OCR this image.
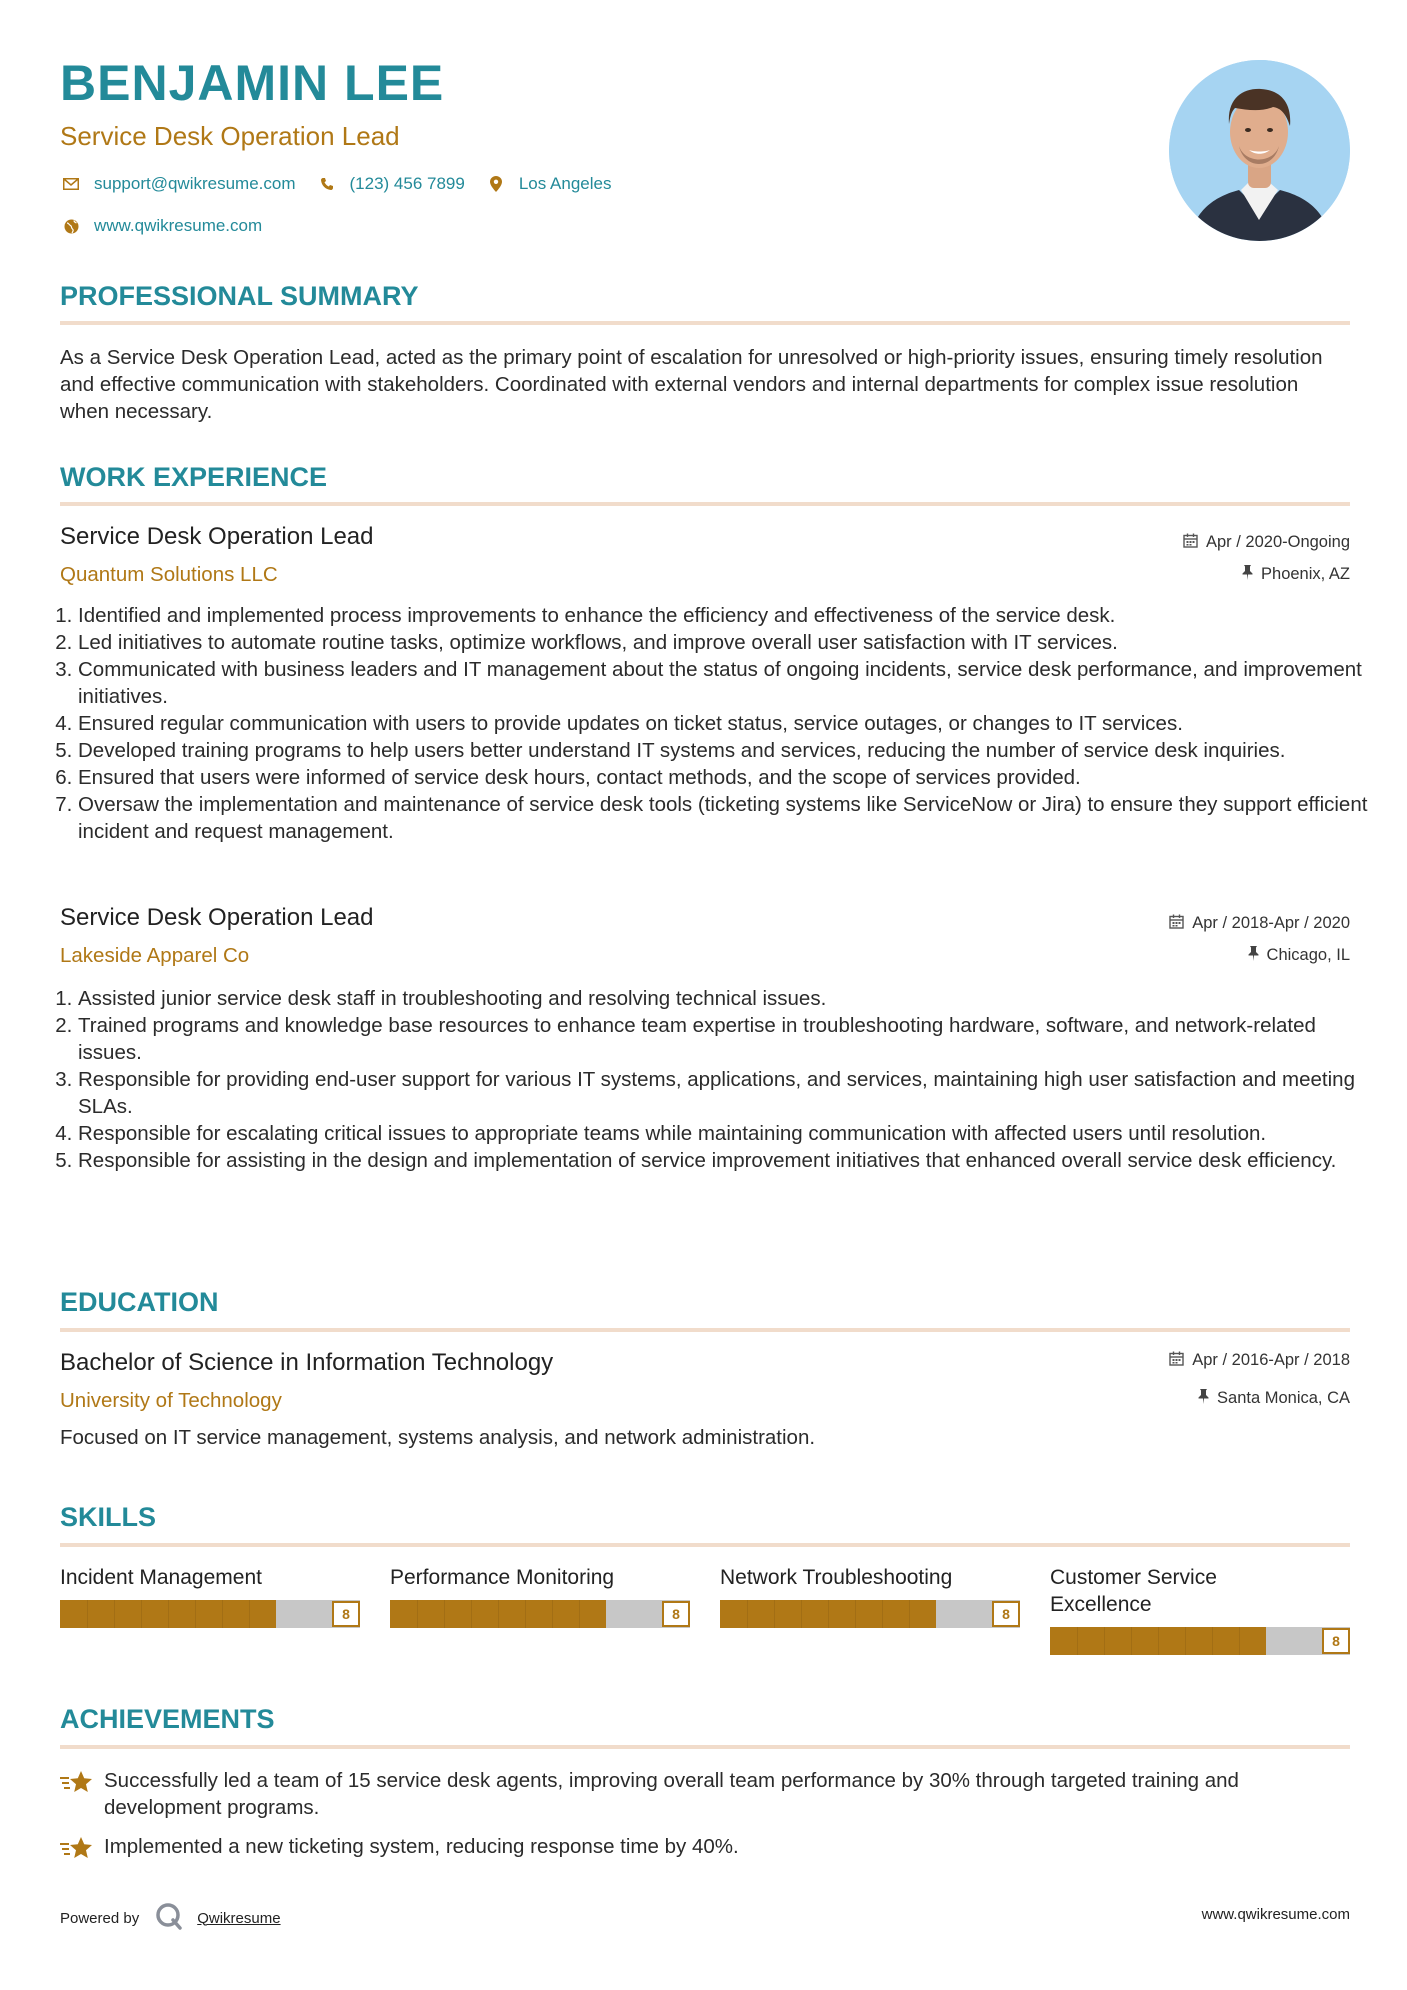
BENJAMIN LEE
Service Desk Operation Lead
support@qwikresume.com	(123) 456 7899	Los Angeles
www.qwikresume.com
PROFESSIONAL SUMMARY

As a Service Desk Operation Lead, acted as the primary point of escalation for unresolved or high-priority issues, ensuring timely resolution and effective communication with stakeholders. Coordinated with external vendors and internal departments for complex issue resolution when necessary.

WORK EXPERIENCE
Service Desk Operation Lead	Apr / 2020-Ongoing
Quantum Solutions LLC	Phoenix, AZ
1. Identified and implemented process improvements to enhance the efficiency and effectiveness of the service desk.
2. Led initiatives to automate routine tasks, optimize workflows, and improve overall user satisfaction with IT services.
3. Communicated with business leaders and IT management about the status of ongoing incidents, service desk performance, and improvement initiatives.
4. Ensured regular communication with users to provide updates on ticket status, service outages, or changes to IT services.
5. Developed training programs to help users better understand IT systems and services, reducing the number of service desk inquiries.
6. Ensured that users were informed of service desk hours, contact methods, and the scope of services provided.
7. Oversaw the implementation and maintenance of service desk tools (ticketing systems like ServiceNow or Jira) to ensure they support efficient incident and request management.
Service Desk Operation Lead	Apr / 2018-Apr / 2020
Lakeside Apparel Co	Chicago, IL
1. Assisted junior service desk staff in troubleshooting and resolving technical issues.
2. Trained programs and knowledge base resources to enhance team expertise in troubleshooting hardware, software, and network-related issues.
3. Responsible for providing end-user support for various IT systems, applications, and services, maintaining high user satisfaction and meeting SLAs.
4. Responsible for escalating critical issues to appropriate teams while maintaining communication with affected users until resolution.
5. Responsible for assisting in the design and implementation of service improvement initiatives that enhanced overall service desk efficiency.
EDUCATION
Bachelor of Science in Information Technology	Apr / 2016-Apr / 2018
University of Technology	Santa Monica, CA

Focused on IT service management, systems analysis, and network administration.

SKILLS
Incident Management
8
Performance Monitoring
8
Network Troubleshooting
8
Customer Service Excellence
8
ACHIEVEMENTS
Successfully led a team of 15 service desk agents, improving overall team performance by 30% through targeted training and development programs.
Implemented a new ticketing system, reducing response time by 40%.
Powered by	Qwikresume	www.qwikresume.com
